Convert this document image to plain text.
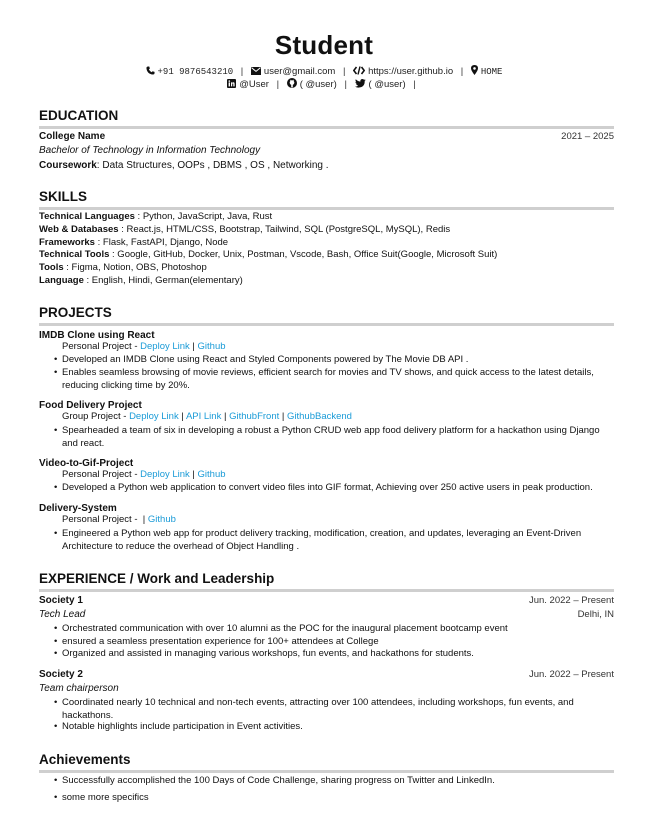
Student
+91 9876543210 | user@gmail.com | https://user.github.io | HOME
@User | ( @user) | ( @user) |
EDUCATION
College Name	2021 – 2025
Bachelor of Technology in Information Technology
Coursework: Data Structures, OOPs , DBMS , OS , Networking .
SKILLS
Technical Languages : Python, JavaScript, Java, Rust
Web & Databases : React.js, HTML/CSS, Bootstrap, Tailwind, SQL (PostgreSQL, MySQL), Redis
Frameworks : Flask, FastAPI, Django, Node
Technical Tools : Google, GitHub, Docker, Unix, Postman, Vscode, Bash, Office Suit(Google, Microsoft Suit)
Tools : Figma, Notion, OBS, Photoshop
Language : English, Hindi, German(elementary)
PROJECTS
IMDB Clone using React
Personal Project - Deploy Link | Github
• Developed an IMDB Clone using React and Styled Components powered by The Movie DB API .
• Enables seamless browsing of movie reviews, efficient search for movies and TV shows, and quick access to the latest details, reducing clicking time by 20%.
Food Delivery Project
Group Project - Deploy Link | API Link | GithubFront | GithubBackend
• Spearheaded a team of six in developing a robust a Python CRUD web app food delivery platform for a hackathon using Django and react.
Video-to-Gif-Project
Personal Project - Deploy Link | Github
• Developed a Python web application to convert video files into GIF format, Achieving over 250 active users in peak production.
Delivery-System
Personal Project -  | Github
• Engineered a Python web app for product delivery tracking, modification, creation, and updates, leveraging an Event-Driven Architecture to reduce the overhead of Object Handling .
EXPERIENCE / Work and Leadership
Society 1	Jun. 2022 – Present
Tech Lead	Delhi, IN
• Orchestrated communication with over 10 alumni as the POC for the inaugural placement bootcamp event
• ensured a seamless presentation experience for 100+ attendees at College
• Organized and assisted in managing various workshops, fun events, and hackathons for students.
Society 2	Jun. 2022 – Present
Team chairperson
• Coordinated nearly 10 technical and non-tech events, attracting over 100 attendees, including workshops, fun events, and hackathons.
• Notable highlights include participation in Event activities.
Achievements
• Successfully accomplished the 100 Days of Code Challenge, sharing progress on Twitter and LinkedIn.
• some more specifics
